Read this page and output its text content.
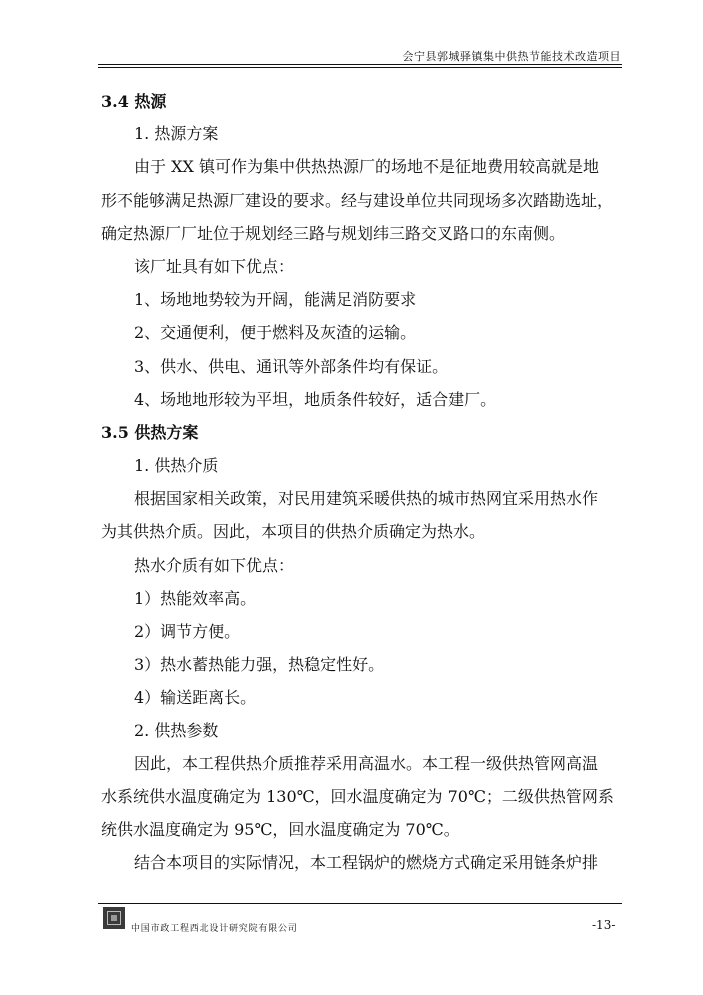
会宁县郭城驿镇集中供热节能技术改造项目
3.4 热源
1. 热源方案
由于 XX 镇可作为集中供热热源厂的场地不是征地费用较高就是地
形不能够满足热源厂建设的要求。经与建设单位共同现场多次踏勘选址，
确定热源厂厂址位于规划经三路与规划纬三路交叉路口的东南侧。
该厂址具有如下优点：
1、场地地势较为开阔，能满足消防要求
2、交通便利，便于燃料及灰渣的运输。
3、供水、供电、通讯等外部条件均有保证。
4、场地地形较为平坦，地质条件较好，适合建厂。
3.5 供热方案
1. 供热介质
根据国家相关政策，对民用建筑采暖供热的城市热网宜采用热水作
为其供热介质。因此，本项目的供热介质确定为热水。
热水介质有如下优点：
1）热能效率高。
2）调节方便。
3）热水蓄热能力强，热稳定性好。
4）输送距离长。
2. 供热参数
因此，本工程供热介质推荐采用高温水。本工程一级供热管网高温
水系统供水温度确定为 130℃，回水温度确定为 70℃；二级供热管网系
统供水温度确定为 95℃，回水温度确定为 70℃。
结合本项目的实际情况，本工程锅炉的燃烧方式确定采用链条炉排
中国市政工程西北设计研究院有限公司	-13-
